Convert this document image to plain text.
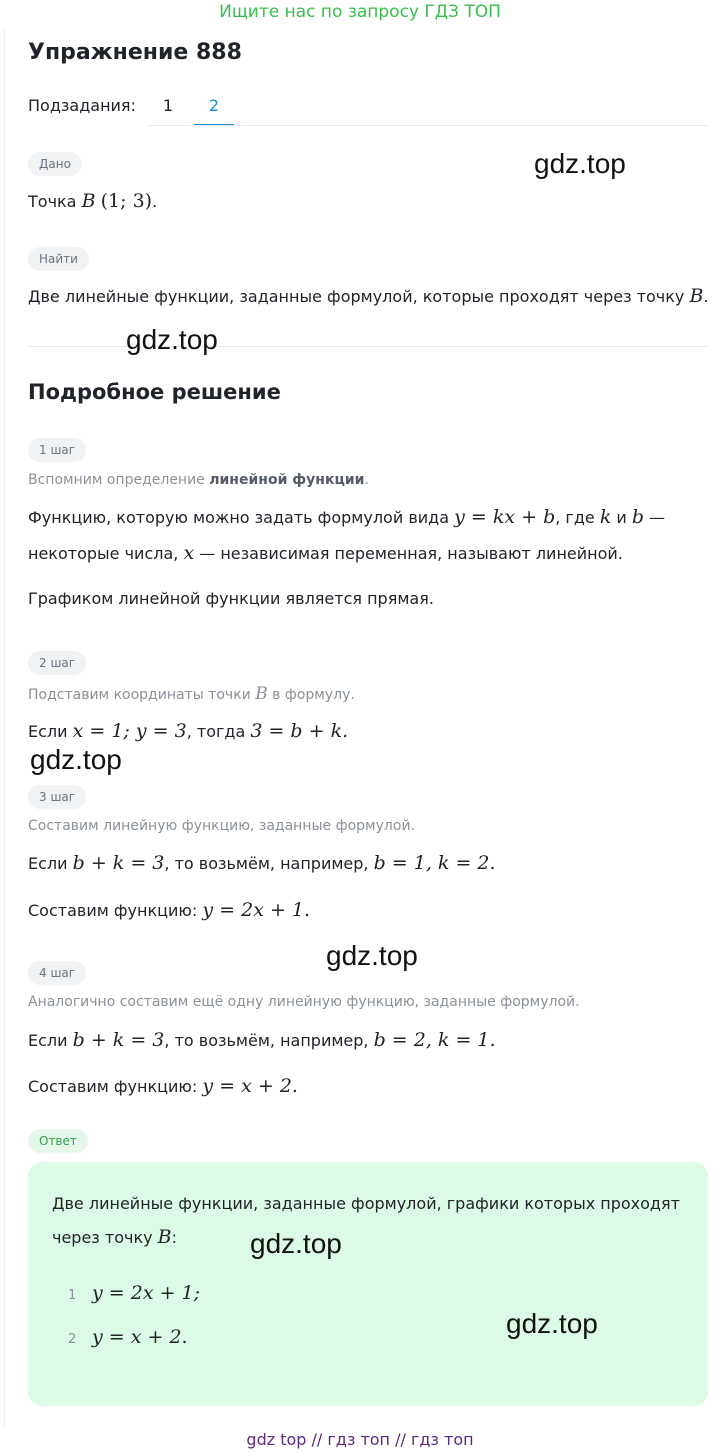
Ищите нас по запросу ГДЗ ТОП
Упражнение 888
Подзадания:	1	2
Дано
Точка B (1; 3).
Найти
Две линейные функции, заданные формулой, которые проходят через точку B.
Подробное решение
1 шаг
Вспомним определение линейной функции.
Функцию, которую можно задать формулой вида y = kx + b, где k и b —
некоторые числа, x — независимая переменная, называют линейной.
Графиком линейной функции является прямая.
2 шаг
Подставим координаты точки B в формулу.
Если x = 1; y = 3, тогда 3 = b + k.
3 шаг
Составим линейную функцию, заданные формулой.
Если b + k = 3, то возьмём, например, b = 1, k = 2.
Составим функцию: y = 2x + 1.
4 шаг
Аналогично составим ещё одну линейную функцию, заданные формулой.
Если b + k = 3, то возьмём, например, b = 2, k = 1.
Составим функцию: y = x + 2.
Ответ
Две линейные функции, заданные формулой, графики которых проходят
через точку B:
1 y = 2x + 1;
2 y = x + 2.
gdz.top
gdz.top
gdz.top
gdz.top
gdz.top
gdz.top
gdz top // гдз топ // гдз топ
